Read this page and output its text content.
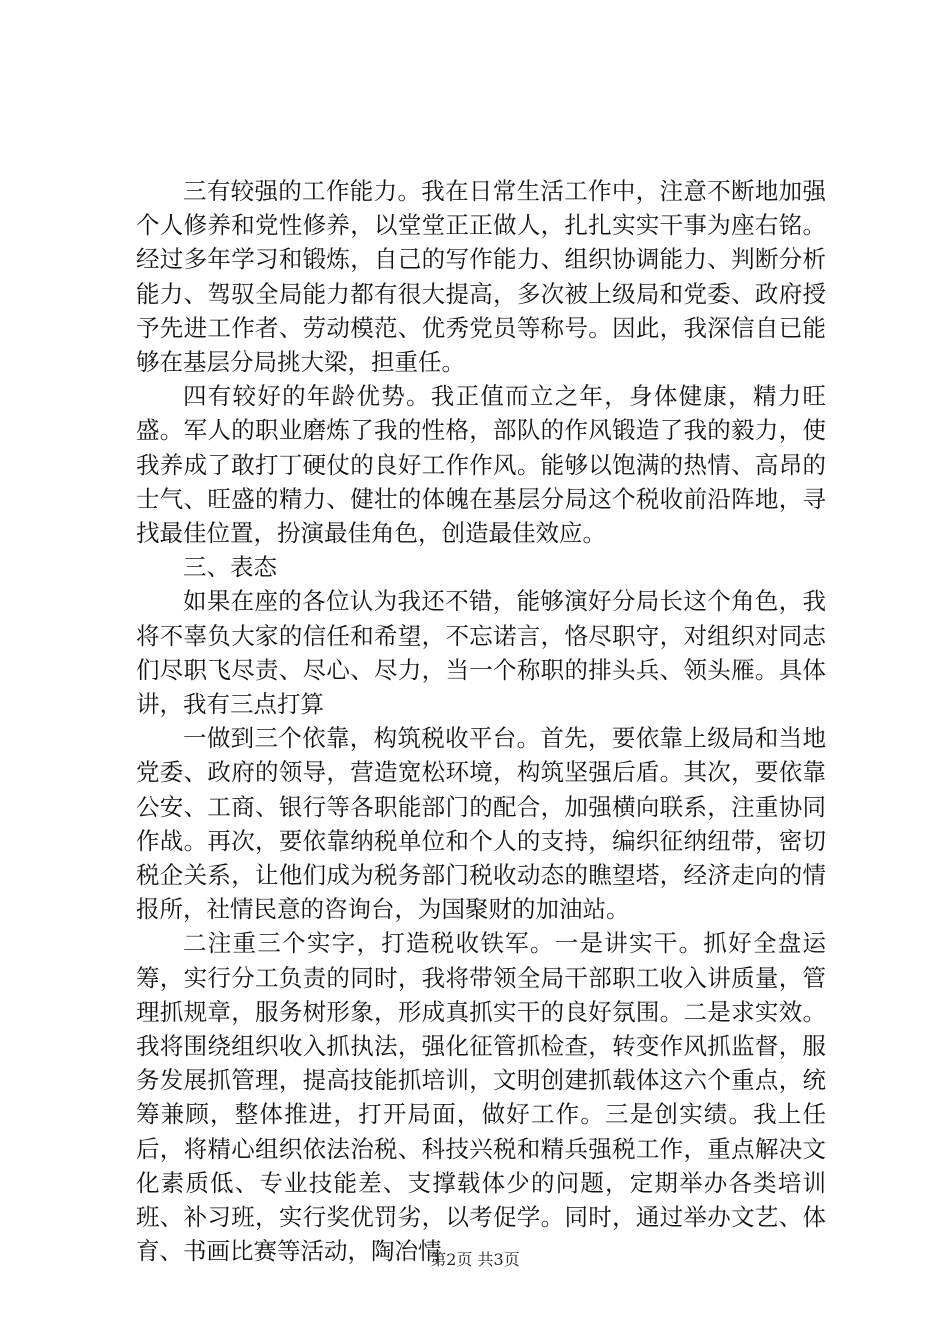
三有较强的工作能力。我在日常生活工作中，注意不断地加强个人修养和党性修养，以堂堂正正做人，扎扎实实干事为座右铭。经过多年学习和锻炼，自己的写作能力、组织协调能力、判断分析能力、驾驭全局能力都有很大提高，多次被上级局和党委、政府授予先进工作者、劳动模范、优秀党员等称号。因此，我深信自已能够在基层分局挑大梁，担重任。

四有较好的年龄优势。我正值而立之年，身体健康，精力旺盛。军人的职业磨炼了我的性格，部队的作风锻造了我的毅力，使我养成了敢打丁硬仗的良好工作作风。能够以饱满的热情、高昂的士气、旺盛的精力、健壮的体魄在基层分局这个税收前沿阵地，寻找最佳位置，扮演最佳角色，创造最佳效应。

三、表态

如果在座的各位认为我还不错，能够演好分局长这个角色，我将不辜负大家的信任和希望，不忘诺言，恪尽职守，对组织对同志们尽职飞尽责、尽心、尽力，当一个称职的排头兵、领头雁。具体讲，我有三点打算

一做到三个依靠，构筑税收平台。首先，要依靠上级局和当地党委、政府的领导，营造宽松环境，构筑坚强后盾。其次，要依靠公安、工商、银行等各职能部门的配合，加强横向联系，注重协同作战。再次，要依靠纳税单位和个人的支持，编织征纳纽带，密切税企关系，让他们成为税务部门税收动态的瞧望塔，经济走向的情报所，社情民意的咨询台，为国聚财的加油站。

二注重三个实字，打造税收铁军。一是讲实干。抓好全盘运筹，实行分工负责的同时，我将带领全局干部职工收入讲质量，管理抓规章，服务树形象，形成真抓实干的良好氛围。二是求实效。我将围绕组织收入抓执法，强化征管抓检查，转变作风抓监督，服务发展抓管理，提高技能抓培训，文明创建抓载体这六个重点，统筹兼顾，整体推进，打开局面，做好工作。三是创实绩。我上任后，将精心组织依法治税、科技兴税和精兵强税工作，重点解决文化素质低、专业技能差、支撑载体少的问题，定期举办各类培训班、补习班，实行奖优罚劣，以考促学。同时，通过举办文艺、体育、书画比赛等活动，陶冶情

第2页 共3页
